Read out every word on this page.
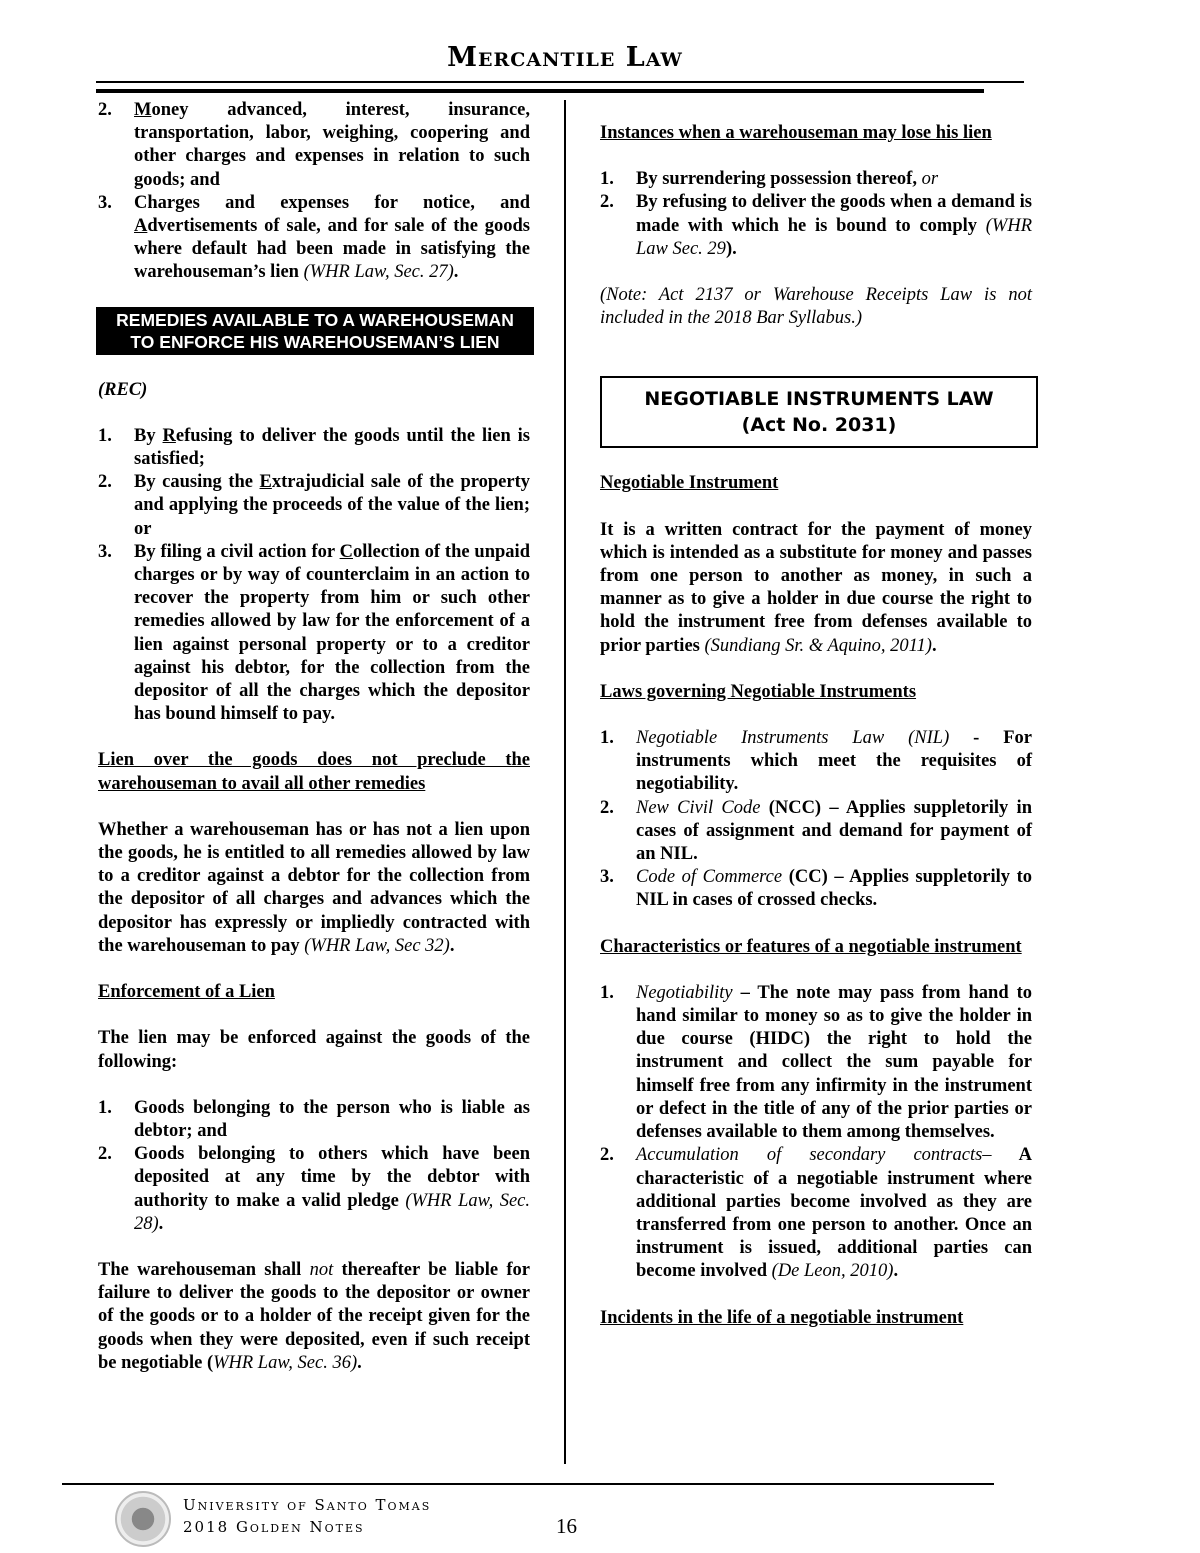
Mercantile Law
2. Money advanced, interest, insurance, transportation, labor, weighing, coopering and other charges and expenses in relation to such goods; and
3. Charges and expenses for notice, and Advertisements of sale, and for sale of the goods where default had been made in satisfying the warehouseman’s lien (WHR Law, Sec. 27).
REMEDIES AVAILABLE TO A WAREHOUSEMAN
TO ENFORCE HIS WAREHOUSEMAN’S LIEN

(REC)

1. By Refusing to deliver the goods until the lien is satisfied;
2. By causing the Extrajudicial sale of the property and applying the proceeds of the value of the lien; or
3. By filing a civil action for Collection of the unpaid charges or by way of counterclaim in an action to recover the property from him or such other remedies allowed by law for the enforcement of a lien against personal property or to a creditor against his debtor, for the collection from the depositor of all the charges which the depositor has bound himself to pay.

Lien over the goods does not preclude the warehouseman to avail all other remedies

Whether a warehouseman has or has not a lien upon the goods, he is entitled to all remedies allowed by law to a creditor against a debtor for the collection from the depositor of all charges and advances which the depositor has expressly or impliedly contracted with the warehouseman to pay (WHR Law, Sec 32).

Enforcement of a Lien

The lien may be enforced against the goods of the following:

1. Goods belonging to the person who is liable as debtor; and
2. Goods belonging to others which have been deposited at any time by the debtor with authority to make a valid pledge (WHR Law, Sec. 28).

The warehouseman shall not thereafter be liable for failure to deliver the goods to the depositor or owner of the goods or to a holder of the receipt given for the goods when they were deposited, even if such receipt be negotiable (WHR Law, Sec. 36).

Instances when a warehouseman may lose his lien

1. By surrendering possession thereof, or
2. By refusing to deliver the goods when a demand is made with which he is bound to comply (WHR Law Sec. 29).

(Note: Act 2137 or Warehouse Receipts Law is not included in the 2018 Bar Syllabus.)

NEGOTIABLE INSTRUMENTS LAW
(Act No. 2031)

Negotiable Instrument

It is a written contract for the payment of money which is intended as a substitute for money and passes from one person to another as money, in such a manner as to give a holder in due course the right to hold the instrument free from defenses available to prior parties (Sundiang Sr. & Aquino, 2011).

Laws governing Negotiable Instruments

1. Negotiable Instruments Law (NIL) - For instruments which meet the requisites of negotiability.
2. New Civil Code (NCC) – Applies suppletorily in cases of assignment and demand for payment of an NIL.
3. Code of Commerce (CC) – Applies suppletorily to NIL in cases of crossed checks.

Characteristics or features of a negotiable instrument

1. Negotiability – The note may pass from hand to hand similar to money so as to give the holder in due course (HIDC) the right to hold the instrument and collect the sum payable for himself free from any infirmity in the instrument or defect in the title of any of the prior parties or defenses available to them among themselves.
2. Accumulation of secondary contracts– A characteristic of a negotiable instrument where additional parties become involved as they are transferred from one person to another. Once an instrument is issued, additional parties can become involved (De Leon, 2010).

Incidents in the life of a negotiable instrument

University of Santo Tomas
2018 Golden Notes	16
